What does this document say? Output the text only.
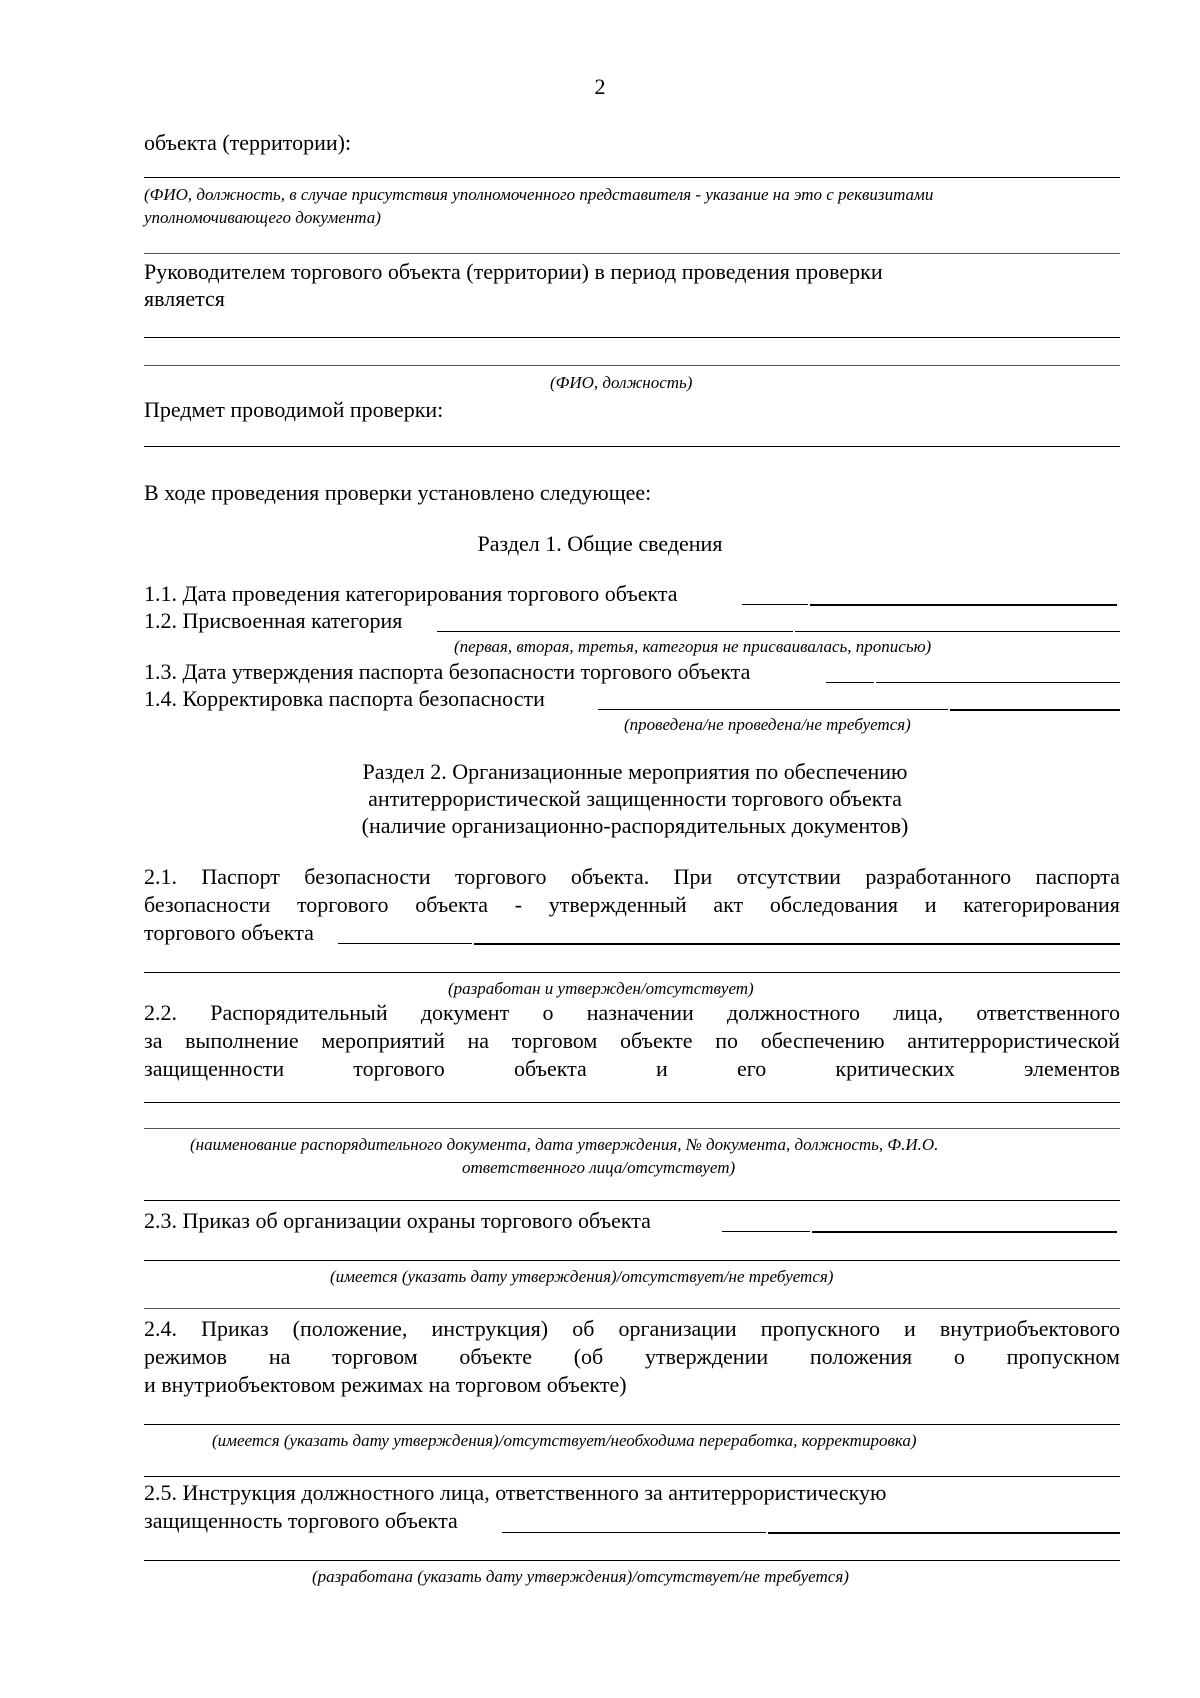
2
объекта (территории):
(ФИО, должность, в случае присутствия уполномоченного представителя - указание на это с реквизитами
уполномочивающего документа)
Руководителем торгового объекта (территории) в период проведения проверки
является
(ФИО, должность)
Предмет проводимой проверки:
В ходе проведения проверки установлено следующее:
Раздел 1. Общие сведения
1.1. Дата проведения категорирования торгового объекта
1.2. Присвоенная категория
(первая, вторая, третья, категория не присваивалась, прописью)
1.3. Дата утверждения паспорта безопасности торгового объекта
1.4. Корректировка паспорта безопасности
(проведена/не проведена/не требуется)
Раздел 2. Организационные мероприятия по обеспечению
антитеррористической защищенности торгового объекта
(наличие организационно-распорядительных документов)
2.1. Паспорт безопасности торгового объекта. При отсутствии разработанного паспорта
безопасности торгового объекта - утвержденный акт обследования и категорирования
торгового объекта
(разработан и утвержден/отсутствует)
2.2. Распорядительный документ о назначении должностного лица, ответственного
за выполнение мероприятий на торговом объекте по обеспечению антитеррористической
защищенности	торгового	объекта	и	его	критических	элементов
(наименование распорядительного документа, дата утверждения, № документа, должность, Ф.И.О.
ответственного лица/отсутствует)
2.3. Приказ об организации охраны торгового объекта
(имеется (указать дату утверждения)/отсутствует/не требуется)
2.4. Приказ (положение, инструкция) об организации пропускного и внутриобъектового
режимов на торговом объекте (об утверждении положения о пропускном
и внутриобъектовом режимах на торговом объекте)
(имеется (указать дату утверждения)/отсутствует/необходима переработка, корректировка)
2.5. Инструкция должностного лица, ответственного за антитеррористическую
защищенность торгового объекта
(разработана (указать дату утверждения)/отсутствует/не требуется)
